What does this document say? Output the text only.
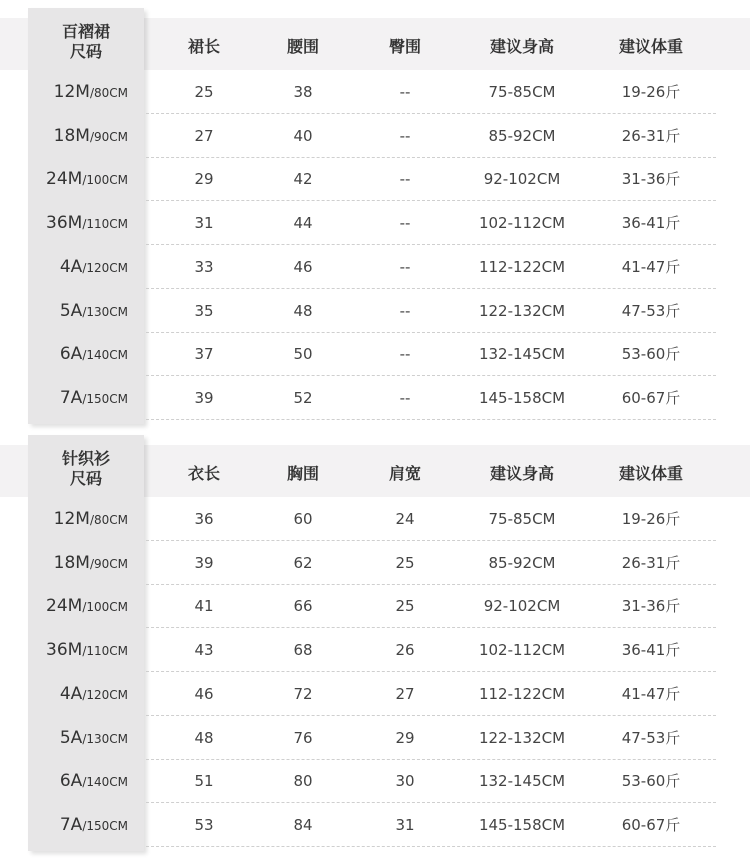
百褶裙
尺码	裙长	腰围	臀围	建议身高	建议体重
12M/80CM	25	38	--	75-85CM	19-26斤
18M/90CM	27	40	--	85-92CM	26-31斤
24M/100CM	29	42	--	92-102CM	31-36斤
36M/110CM	31	44	--	102-112CM	36-41斤
4A/120CM	33	46	--	112-122CM	41-47斤
5A/130CM	35	48	--	122-132CM	47-53斤
6A/140CM	37	50	--	132-145CM	53-60斤
7A/150CM	39	52	--	145-158CM	60-67斤
针织衫
尺码	衣长	胸围	肩宽	建议身高	建议体重
12M/80CM	36	60	24	75-85CM	19-26斤
18M/90CM	39	62	25	85-92CM	26-31斤
24M/100CM	41	66	25	92-102CM	31-36斤
36M/110CM	43	68	26	102-112CM	36-41斤
4A/120CM	46	72	27	112-122CM	41-47斤
5A/130CM	48	76	29	122-132CM	47-53斤
6A/140CM	51	80	30	132-145CM	53-60斤
7A/150CM	53	84	31	145-158CM	60-67斤
